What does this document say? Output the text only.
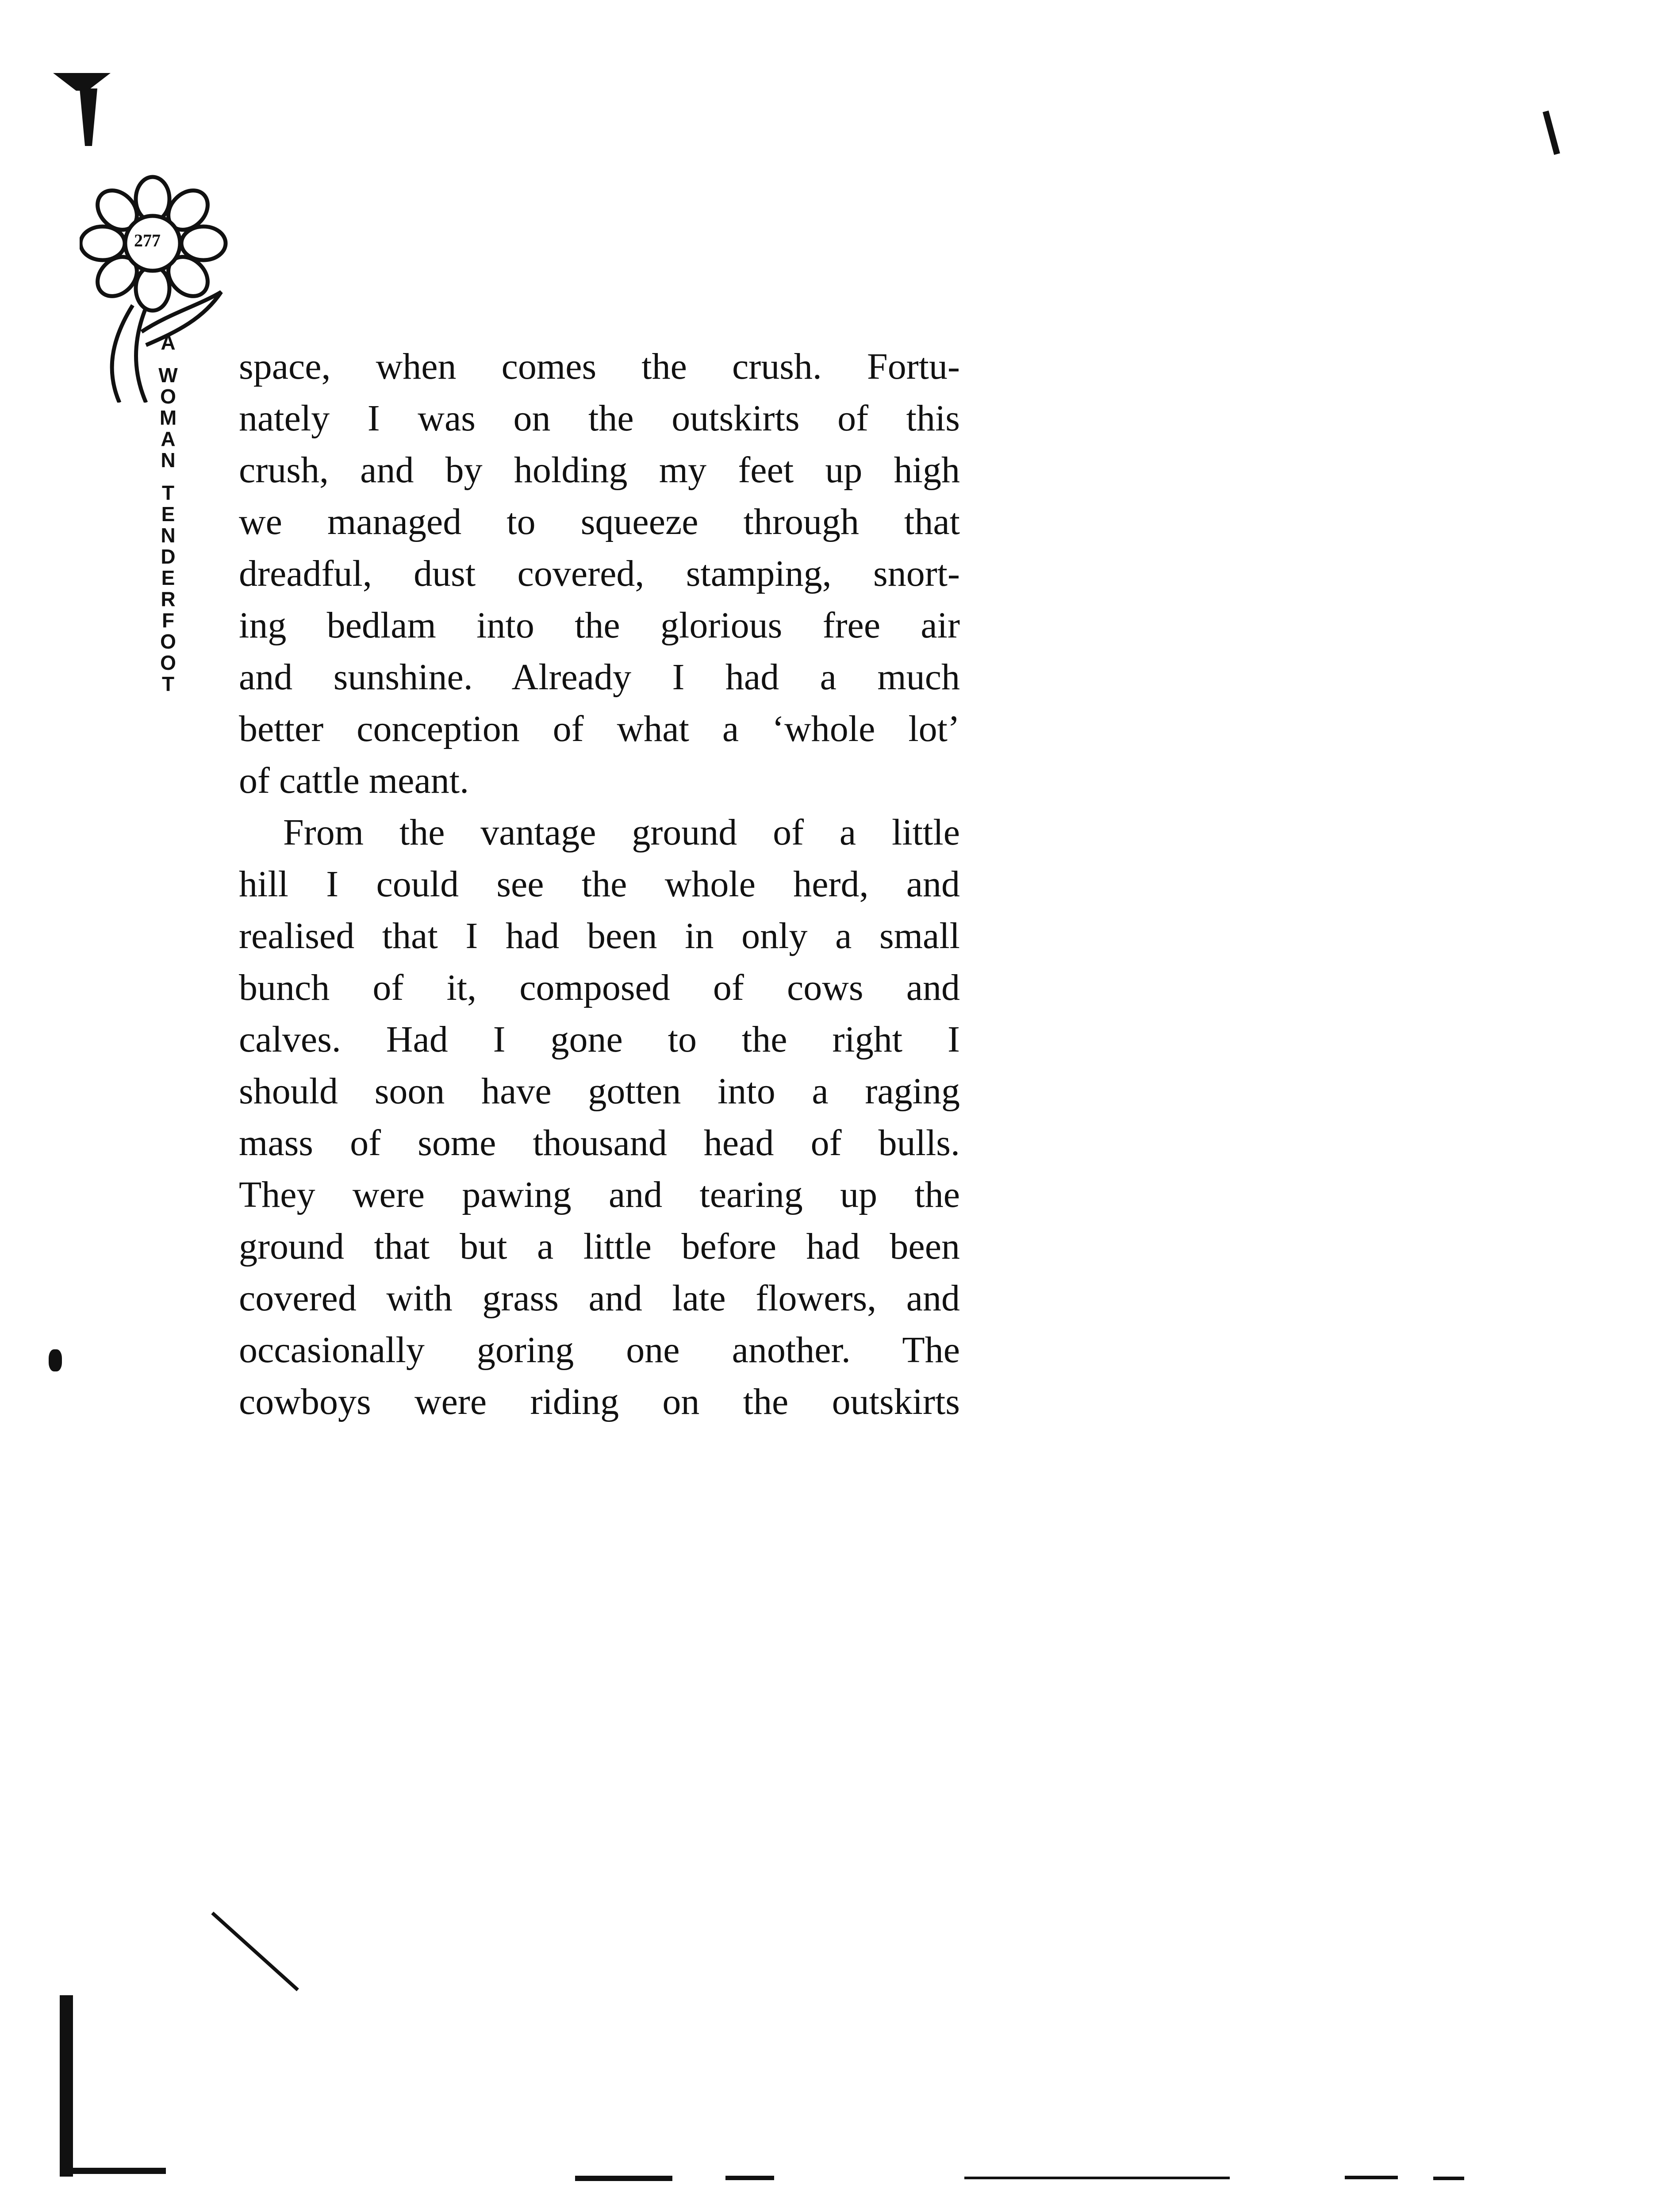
277
A
W
O
M
A
N
T
E
N
D
E
R
F
O
O
T

space, when comes the crush. Fortu-
nately I was on the outskirts of this
crush, and by holding my feet up high
we managed to squeeze through that
dreadful, dust covered, stamping, snort-
ing bedlam into the glorious free air
and sunshine. Already I had a much
better conception of what a ‘whole lot’
of cattle meant.

From the vantage ground of a little
hill I could see the whole herd, and
realised that I had been in only a small
bunch of it, composed of cows and
calves. Had I gone to the right I
should soon have gotten into a raging
mass of some thousand head of bulls.
They were pawing and tearing up the
ground that but a little before had been
covered with grass and late flowers, and
occasionally goring one another. The
cowboys were riding on the outskirts
